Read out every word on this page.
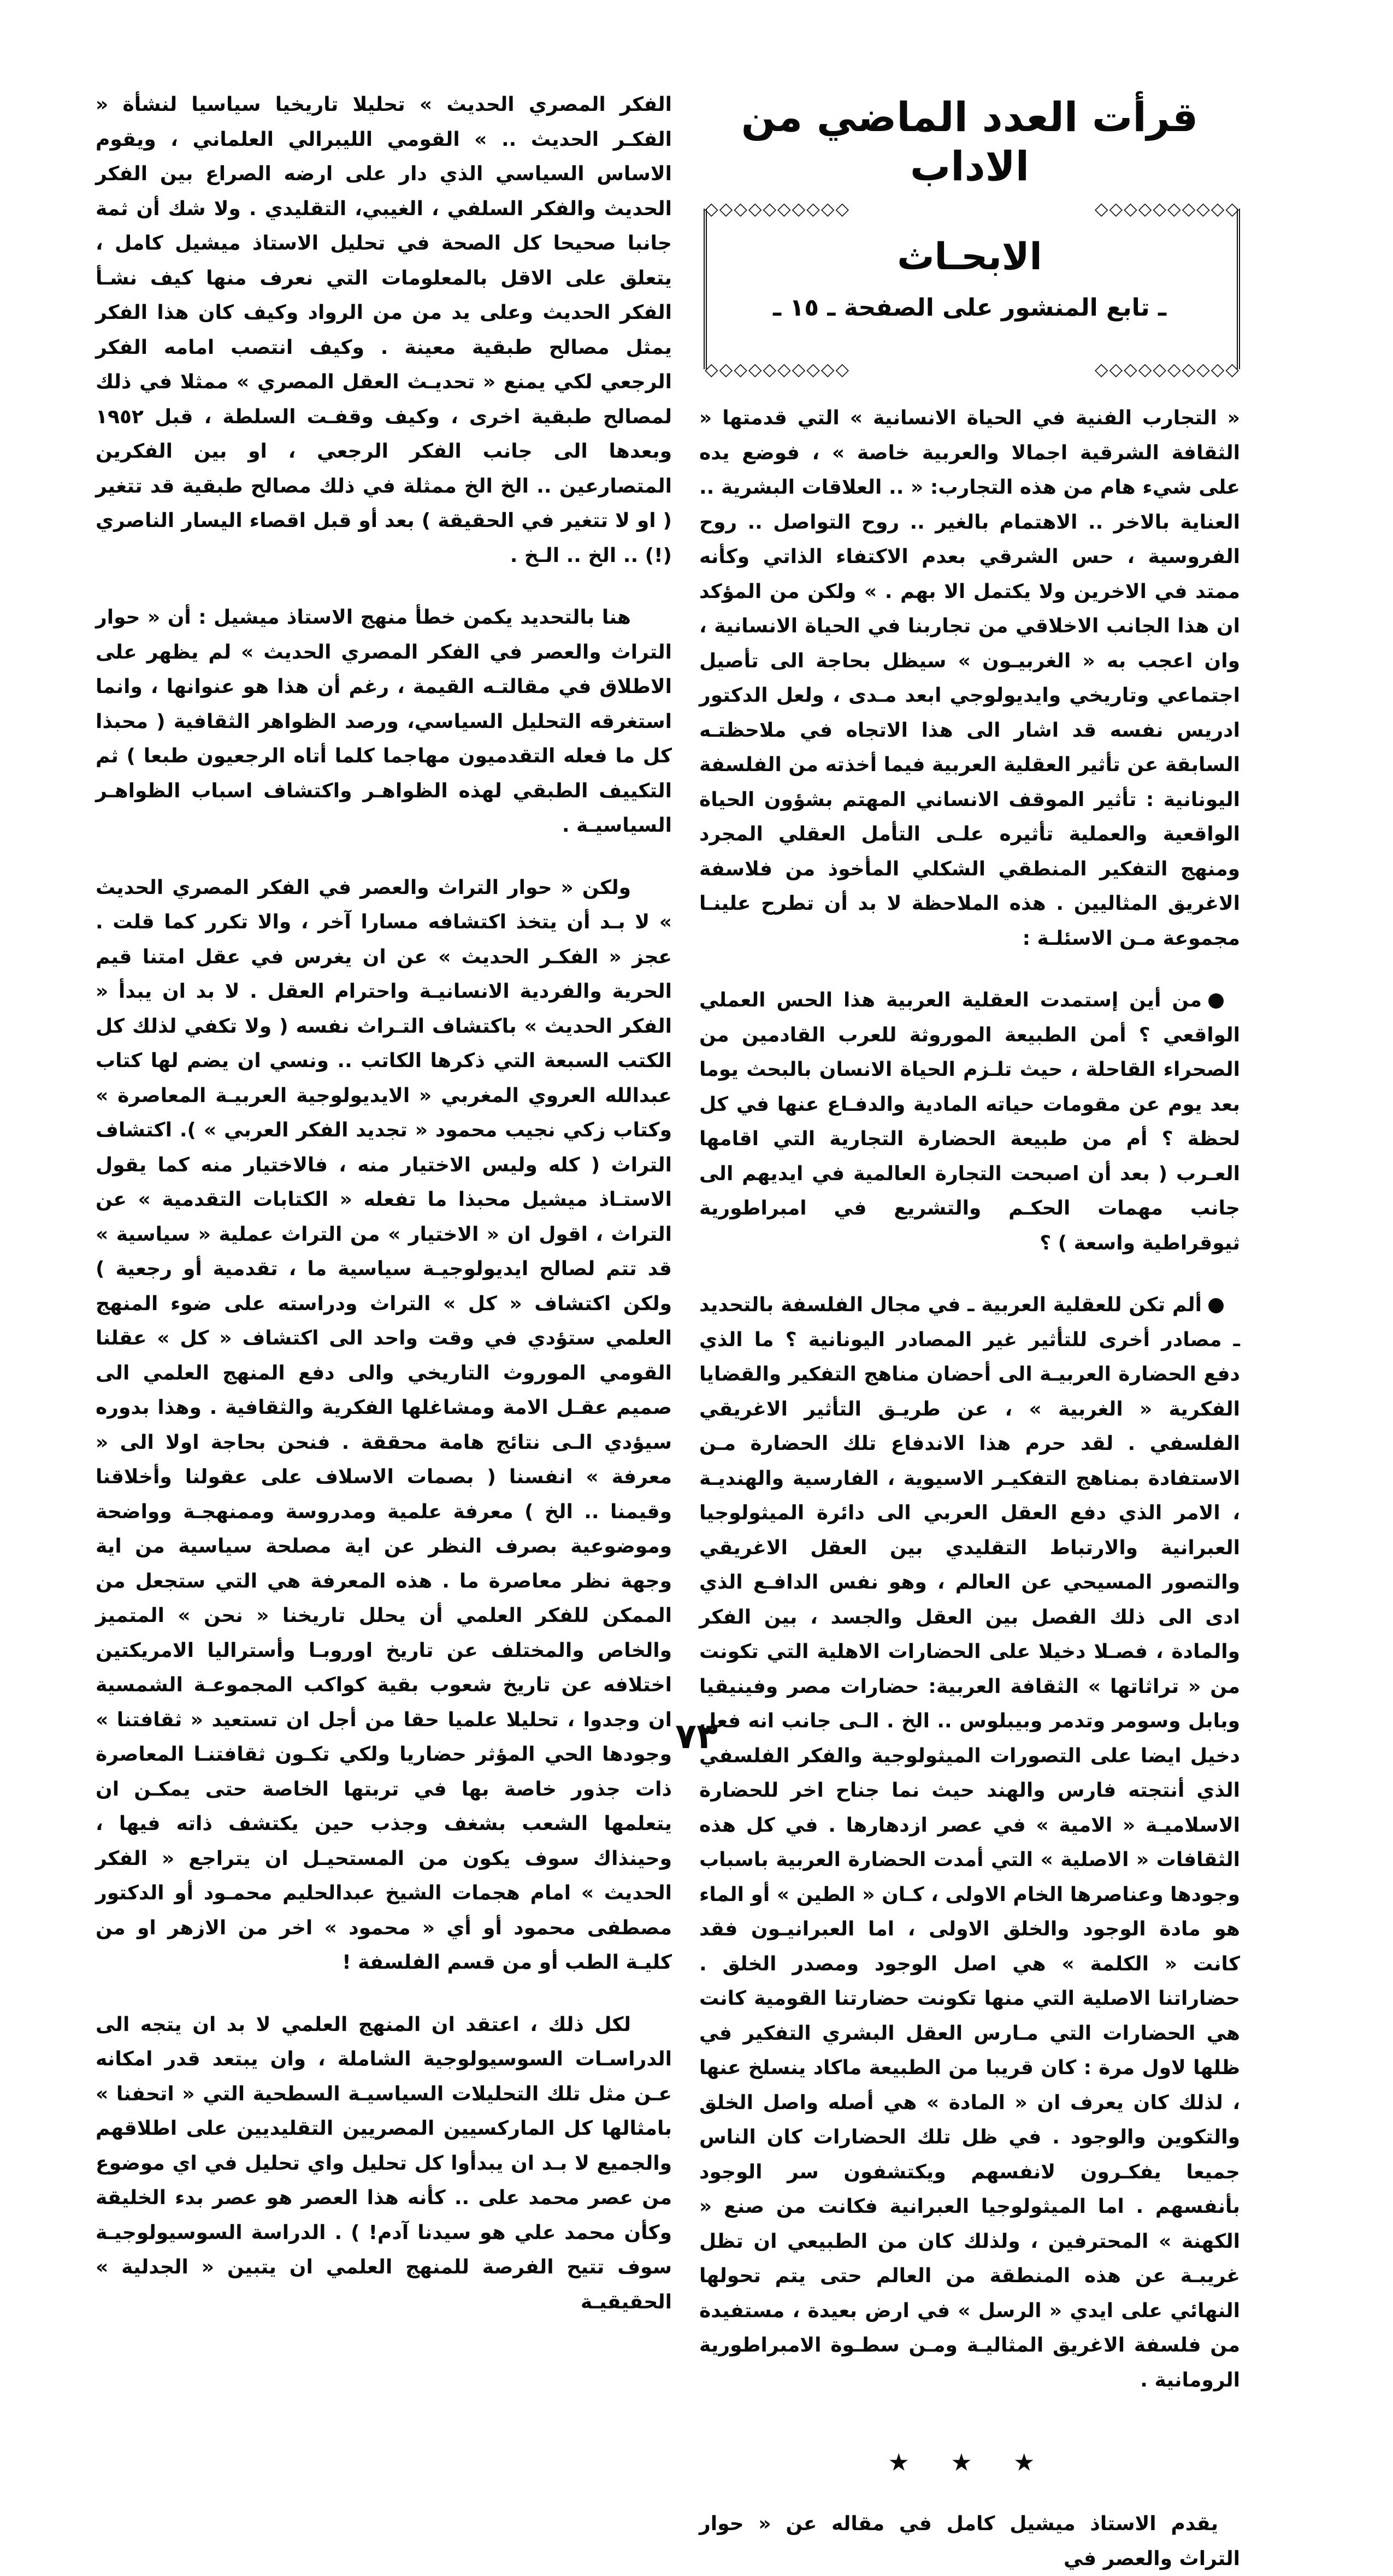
قرأت العدد الماضي من الاداب
◇◇◇◇◇◇◇◇◇◇	◇◇◇◇◇◇◇◇◇◇
الابحـاث
ـ تابع المنشور على الصفحة ـ ١٥ ـ
◇◇◇◇◇◇◇◇◇◇	◇◇◇◇◇◇◇◇◇◇

« التجارب الفنية في الحياة الانسانية » التي قدمتها « الثقافة الشرقية اجمالا والعربية خاصة » ، فوضع يده على شيء هام من هذه التجارب: « .. العلاقات البشرية .. العناية بالاخر .. الاهتمام بالغير .. روح التواصل .. روح الفروسية ، حس الشرقي بعدم الاكتفاء الذاتي وكأنه ممتد في الاخرين ولا يكتمل الا بهم . » ولكن من المؤكد ان هذا الجانب الاخلاقي من تجاربنا في الحياة الانسانية ، وان اعجب به « الغربيـون » سيظل بحاجة الى تأصيل اجتماعي وتاريخي وايديولوجي ابعد مـدى ، ولعل الدكتور ادريس نفسه قد اشار الى هذا الاتجاه في ملاحظتـه السابقة عن تأثير العقلية العربية فيما أخذته من الفلسفة اليونانية : تأثير الموقف الانساني المهتم بشؤون الحياة الواقعية والعملية تأثيره علـى التأمل العقلي المجرد ومنهج التفكير المنطقي الشكلي المأخوذ من فلاسفة الاغريق المثاليين . هذه الملاحظة لا بد أن تطرح علينـا مجموعة مـن الاسئلـة :

من أين إستمدت العقلية العربية هذا الحس العملي الواقعي ؟ أمن الطبيعة الموروثة للعرب القادمين من الصحراء القاحلة ، حيث تلـزم الحياة الانسان بالبحث يوما بعد يوم عن مقومات حياته المادية والدفـاع عنها في كل لحظة ؟ أم من طبيعة الحضارة التجارية التي اقامها العـرب ( بعد أن اصبحت التجارة العالمية في ايديهم الى جانب مهمات الحكـم والتشريع في امبراطورية ثيوقراطية واسعة ) ؟

ألم تكن للعقلية العربية ـ في مجال الفلسفة بالتحديد ـ مصادر أخرى للتأثير غير المصادر اليونانية ؟ ما الذي دفع الحضارة العربيـة الى أحضان مناهج التفكير والقضايا الفكرية « الغربية » ، عن طريـق التأثير الاغريقي الفلسفي . لقد حرم هذا الاندفاع تلك الحضارة مـن الاستفادة بمناهج التفكيـر الاسيوية ، الفارسية والهنديـة ، الامر الذي دفع العقل العربي الى دائرة الميثولوجيا العبرانية والارتباط التقليدي بين العقل الاغريقي والتصور المسيحي عن العالم ، وهو نفس الدافـع الذي ادى الى ذلك الفصل بين العقل والجسد ، بين الفكر والمادة ، فصـلا دخيلا على الحضارات الاهلية التي تكونت من « تراثاتها » الثقافة العربية: حضارات مصر وفينيقيا وبابل وسومر وتدمر وبيبلوس .. الخ . الـى جانب انه فعل دخيل ايضا على التصورات الميثولوجية والفكر الفلسفي الذي أنتجته فارس والهند حيث نما جناح اخر للحضارة الاسلاميـة « الامية » في عصر ازدهارها . في كل هذه الثقافات « الاصلية » التي أمدت الحضارة العربية باسباب وجودها وعناصرها الخام الاولى ، كـان « الطين » أو الماء هو مادة الوجود والخلق الاولى ، اما العبرانيـون فقد كانت « الكلمة » هي اصل الوجود ومصدر الخلق . حضاراتنا الاصلية التي منها تكونت حضارتنا القومية كانت هي الحضارات التي مـارس العقل البشري التفكير في ظلها لاول مرة : كان قريبا من الطبيعة ماكاد ينسلخ عنها ، لذلك كان يعرف ان « المادة » هي أصله واصل الخلق والتكوين والوجود . في ظل تلك الحضارات كان الناس جميعا يفكـرون لانفسهم ويكتشفون سر الوجود بأنفسهم . اما الميثولوجيا العبرانية فكانت من صنع « الكهنة » المحترفين ، ولذلك كان من الطبيعي ان تظل غريبـة عن هذه المنطقة من العالم حتى يتم تحولها النهائي على ايدي « الرسل » في ارض بعيدة ، مستفيدة من فلسفة الاغريق المثاليـة ومـن سطـوة الامبراطورية الرومانية .

★ ★ ★

يقدم الاستاذ ميشيل كامل في مقاله عن « حوار التراث والعصر في

الفكر المصري الحديث » تحليلا تاريخيا سياسيا لنشأة « الفكـر الحديث .. » القومي الليبرالي العلماني ، ويقوم الاساس السياسي الذي دار على ارضه الصراع بين الفكر الحديث والفكر السلفي ، الغيبي، التقليدي . ولا شك أن ثمة جانبا صحيحا كل الصحة في تحليل الاستاذ ميشيل كامل ، يتعلق على الاقل بالمعلومات التي نعرف منها كيف نشـأ الفكر الحديث وعلى يد من من الرواد وكيف كان هذا الفكر يمثل مصالح طبقية معينة . وكيف انتصب امامه الفكر الرجعي لكي يمنع « تحديـث العقل المصري » ممثلا في ذلك لمصالح طبقية اخرى ، وكيف وقفـت السلطة ، قبل ١٩٥٢ وبعدها الى جانب الفكر الرجعي ، او بين الفكرين المتصارعين .. الخ الخ ممثلة في ذلك مصالح طبقية قد تتغير ( او لا تتغير في الحقيقة ) بعد أو قبل اقصاء اليسار الناصري (!) .. الخ .. الـخ .

هنا بالتحديد يكمن خطأ منهج الاستاذ ميشيل : أن « حوار التراث والعصر في الفكر المصري الحديث » لم يظهر على الاطلاق في مقالتـه القيمة ، رغم أن هذا هو عنوانها ، وانما استغرقه التحليل السياسي، ورصد الظواهر الثقافية ( محبذا كل ما فعله التقدميون مهاجما كلما أتاه الرجعيون طبعا ) ثم التكييف الطبقي لهذه الظواهـر واكتشاف اسباب الظواهـر السياسيـة .

ولكن « حوار التراث والعصر في الفكر المصري الحديث » لا بـد أن يتخذ اكتشافه مسارا آخر ، والا تكرر كما قلت . عجز « الفكـر الحديث » عن ان يغرس في عقل امتنا قيم الحرية والفردية الانسانيـة واحترام العقل . لا بد ان يبدأ « الفكر الحديث » باكتشاف التـراث نفسه ( ولا تكفي لذلك كل الكتب السبعة التي ذكرها الكاتب .. ونسي ان يضم لها كتاب عبدالله العروي المغربي « الايديولوجية العربيـة المعاصرة » وكتاب زكي نجيب محمود « تجديد الفكر العربي » ). اكتشاف التراث ( كله وليس الاختيار منه ، فالاختيار منه كما يقول الاستـاذ ميشيل محبذا ما تفعله « الكتابات التقدمية » عن التراث ، اقول ان « الاختيار » من التراث عملية « سياسية » قد تتم لصالح ايديولوجيـة سياسية ما ، تقدمية أو رجعية ) ولكن اكتشاف « كل » التراث ودراسته على ضوء المنهج العلمي ستؤدي في وقت واحد الى اكتشاف « كل » عقلنا القومي الموروث التاريخي والى دفع المنهج العلمي الى صميم عقـل الامة ومشاغلها الفكرية والثقافية . وهذا بدوره سيؤدي الـى نتائج هامة محققة . فنحن بحاجة اولا الى « معرفة » انفسنا ( بصمات الاسلاف على عقولنا وأخلاقنا وقيمنا .. الخ ) معرفة علمية ومدروسة وممنهجـة وواضحة وموضوعية بصرف النظر عن اية مصلحة سياسية من اية وجهة نظر معاصرة ما . هذه المعرفة هي التي ستجعل من الممكن للفكر العلمي أن يحلل تاريخنا « نحن » المتميز والخاص والمختلف عن تاريخ اوروبـا وأستراليا الامريكتين اختلافه عن تاريخ شعوب بقية كواكب المجموعـة الشمسية ان وجدوا ، تحليلا علميا حقا من أجل ان تستعيد « ثقافتنا » وجودها الحي المؤثر حضاريا ولكي تكـون ثقافتنـا المعاصرة ذات جذور خاصة بها في تربتها الخاصة حتى يمكـن ان يتعلمها الشعب بشغف وجذب حين يكتشف ذاته فيها ، وحينذاك سوف يكون من المستحيـل ان يتراجع « الفكر الحديث » امام هجمات الشيخ عبدالحليم محمـود أو الدكتور مصطفى محمود أو أي « محمود » اخر من الازهر او من كليـة الطب أو من قسم الفلسفة !

لكل ذلك ، اعتقد ان المنهج العلمي لا بد ان يتجه الى الدراسـات السوسيولوجية الشاملة ، وان يبتعد قدر امكانه عـن مثل تلك التحليلات السياسيـة السطحية التي « اتحفنا » بامثالها كل الماركسيين المصريين التقليديين على اطلاقهم والجميع لا بـد ان يبدأوا كل تحليل واي تحليل في اي موضوع من عصر محمد على .. كأنه هذا العصر هو عصر بدء الخليقة وكأن محمد علي هو سيدنا آدم! ) . الدراسة السوسيولوجيـة سوف تتيح الفرصة للمنهج العلمي ان يتبين « الجدلية » الحقيقيـة

٧٣
